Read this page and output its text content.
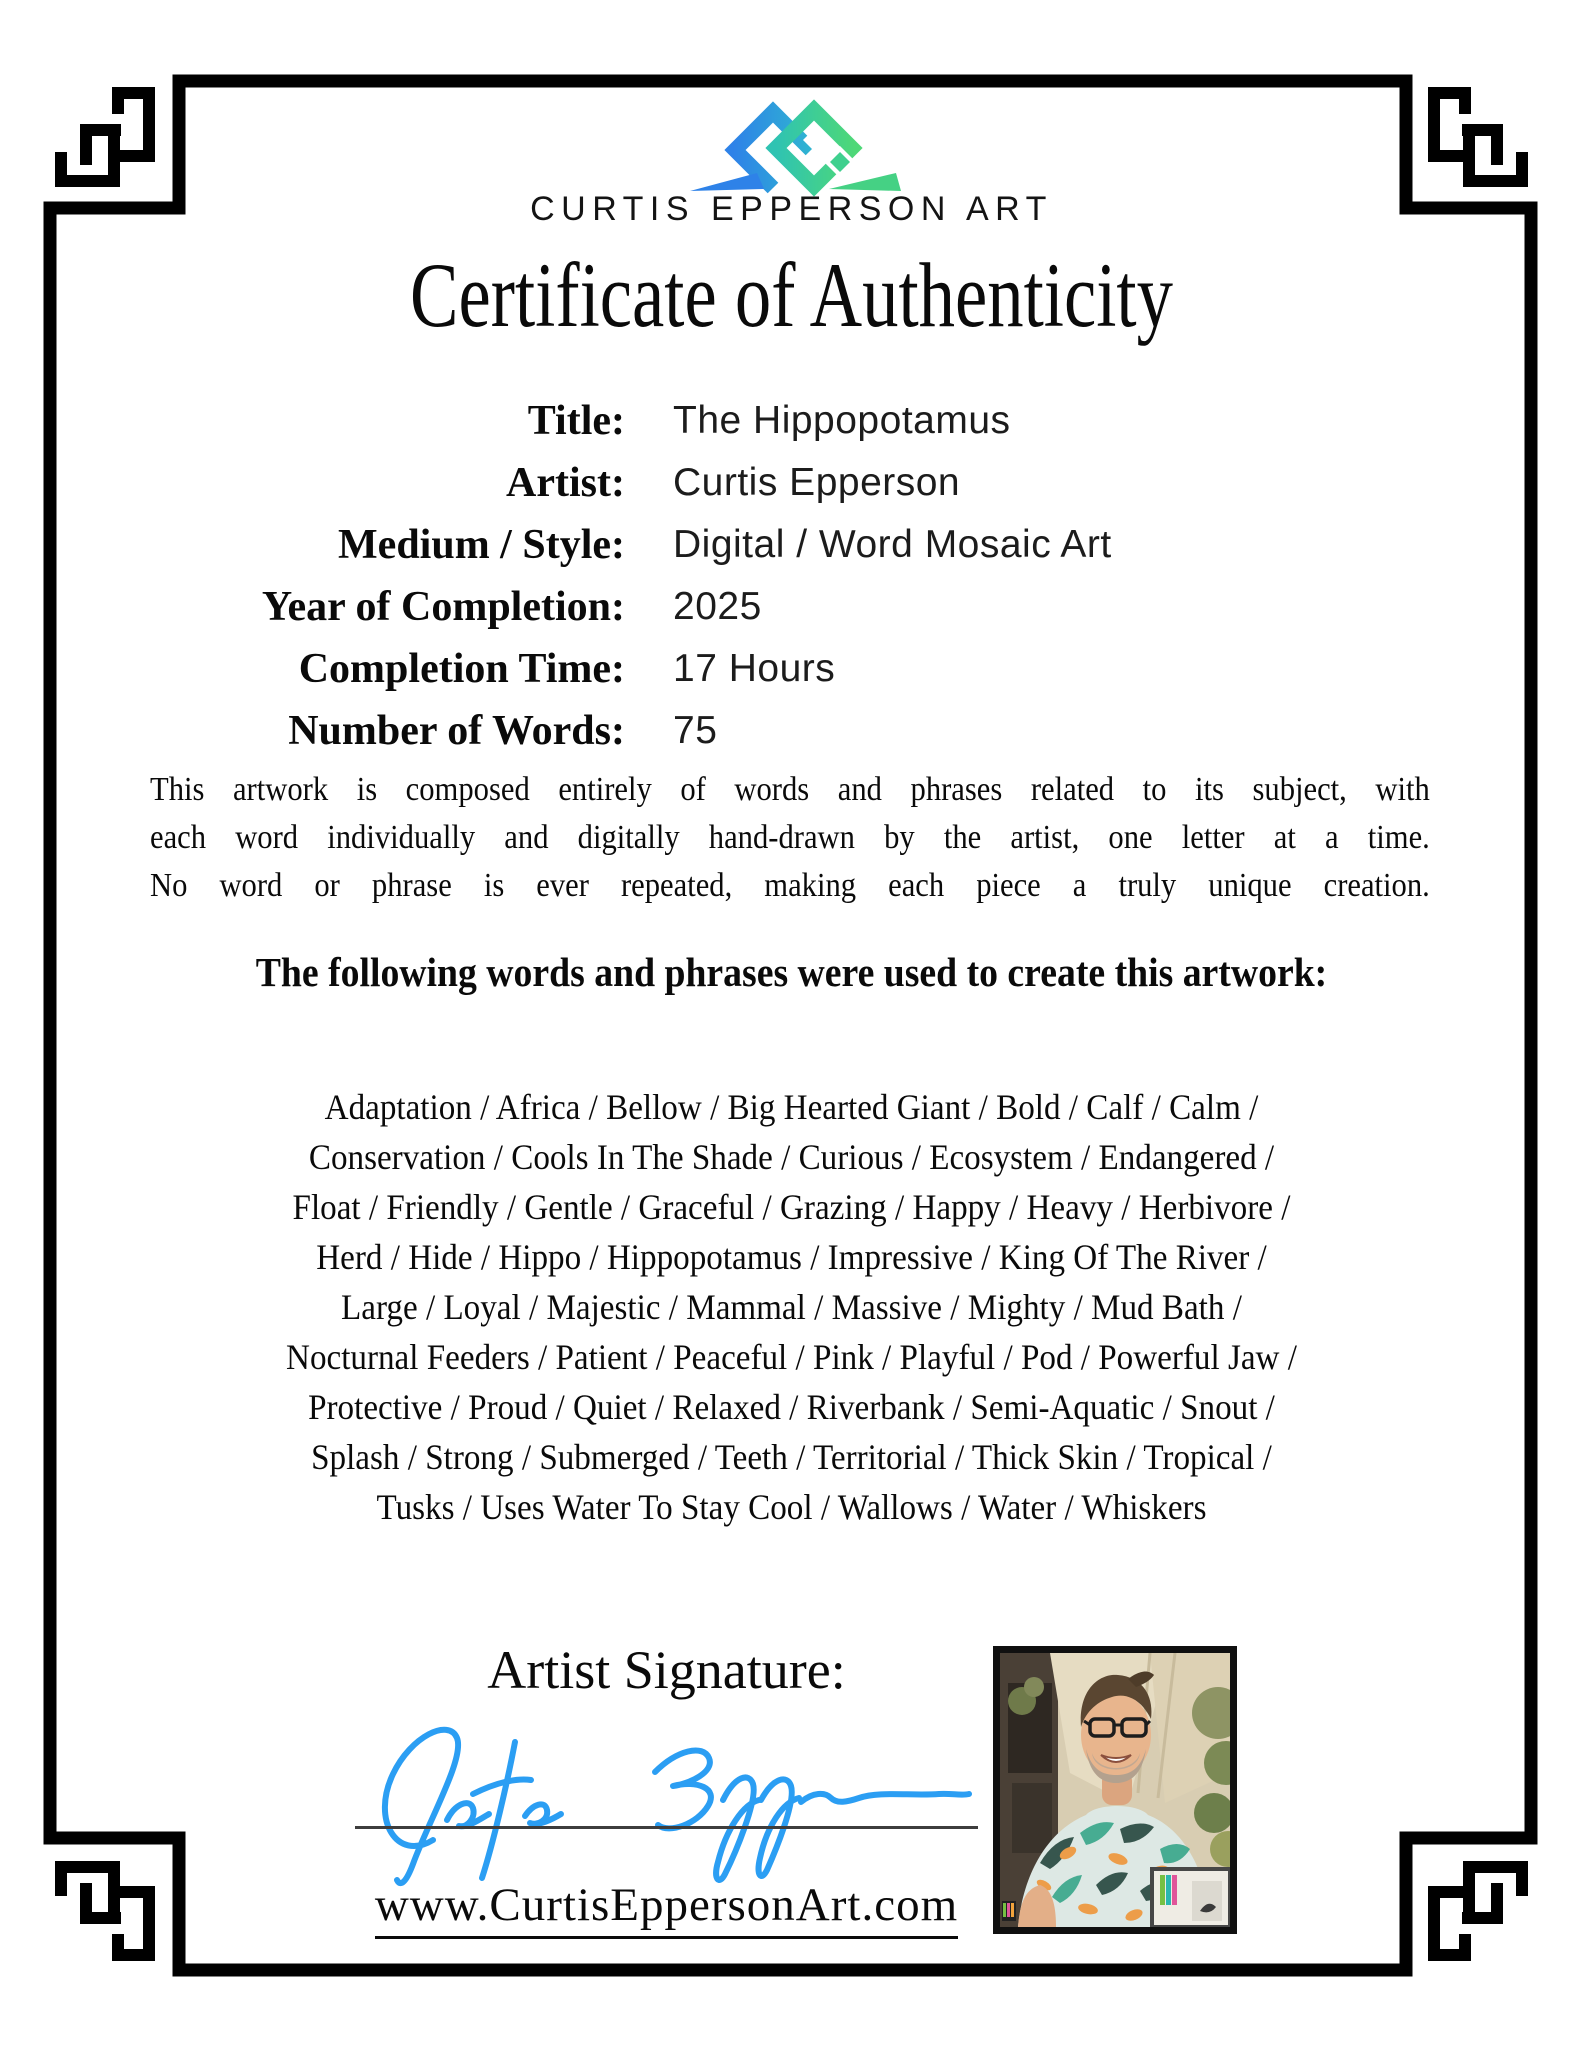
CURTIS EPPERSON ART
Certificate of Authenticity
Title: The Hippopotamus
Artist: Curtis Epperson
Medium / Style: Digital / Word Mosaic Art
Year of Completion: 2025
Completion Time: 17 Hours
Number of Words: 75
This artwork is composed entirely of words and phrases related to its subject, with
each word individually and digitally hand-drawn by the artist, one letter at a time.
No word or phrase is ever repeated, making each piece a truly unique creation.
The following words and phrases were used to create this artwork:
Adaptation / Africa / Bellow / Big Hearted Giant / Bold / Calf / Calm /
Conservation / Cools In The Shade / Curious / Ecosystem / Endangered /
Float / Friendly / Gentle / Graceful / Grazing / Happy / Heavy / Herbivore /
Herd / Hide / Hippo / Hippopotamus / Impressive / King Of The River /
Large / Loyal / Majestic / Mammal / Massive / Mighty / Mud Bath /
Nocturnal Feeders / Patient / Peaceful / Pink / Playful / Pod / Powerful Jaw /
Protective / Proud / Quiet / Relaxed / Riverbank / Semi-Aquatic / Snout /
Splash / Strong / Submerged / Teeth / Territorial / Thick Skin / Tropical /
Tusks / Uses Water To Stay Cool / Wallows / Water / Whiskers
Artist Signature:
www.CurtisEppersonArt.com
